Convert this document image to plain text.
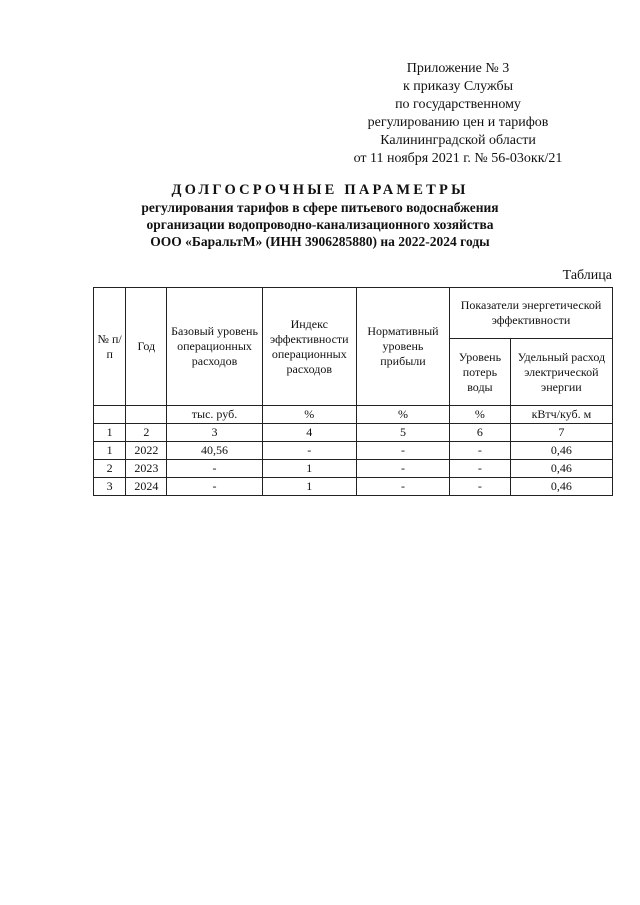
Приложение № 3
к приказу Службы
по государственному
регулированию цен и тарифов
Калининградской области
от 11 ноября 2021 г. № 56-03окк/21
ДОЛГОСРОЧНЫЕ ПАРАМЕТРЫ
регулирования тарифов в сфере питьевого водоснабжения
организации водопроводно-канализационного хозяйства
ООО «БаральтМ» (ИНН 3906285880) на 2022-2024 годы
Таблица
№ п/п	Год	Базовый уровень операционных расходов	Индекс эффективности операционных расходов	Нормативный уровень прибыли	Показатели энергетической эффективности	
					Уровень потерь воды	Удельный расход электрической энергии
		тыс. руб.	%	%	%	кВтч/куб. м
1	2	3	4	5	6	7
1	2022	40,56	-	-	-	0,46
2	2023	-	1	-	-	0,46
3	2024	-	1	-	-	0,46
